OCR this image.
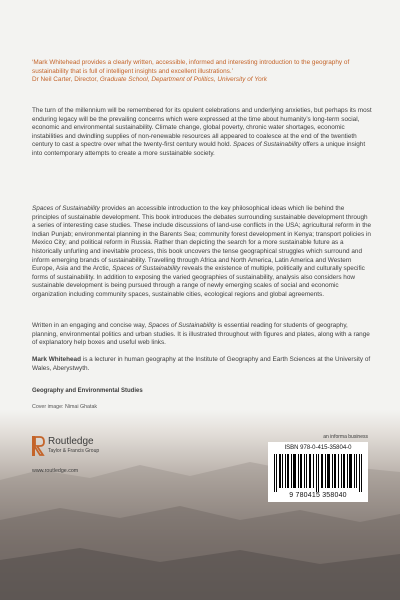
‘Mark Whitehead provides a clearly written, accessible, informed and interesting introduction to the geography of sustainability that is full of intelligent insights and excellent illustrations.’
Dr Neil Carter, Director, Graduate School, Department of Politics, University of York
The turn of the millennium will be remembered for its opulent celebrations and underlying anxieties, but perhaps its most enduring legacy will be the prevailing concerns which were expressed at the time about humanity’s long-term social, economic and environmental sustainability. Climate change, global poverty, chronic water shortages, economic instabilities and dwindling supplies of non-renewable resources all appeared to coalesce at the end of the twentieth century to cast a spectre over what the twenty-first century would hold. Spaces of Sustainability offers a unique insight into contemporary attempts to create a more sustainable society.
Spaces of Sustainability provides an accessible introduction to the key philosophical ideas which lie behind the principles of sustainable development. This book introduces the debates surrounding sustainable development through a series of interesting case studies. These include discussions of land-use conflicts in the USA; agricultural reform in the Indian Punjab; environmental planning in the Barents Sea; community forest development in Kenya; transport policies in Mexico City; and political reform in Russia. Rather than depicting the search for a more sustainable future as a historically unfurling and inevitable process, this book uncovers the tense geographical struggles which surround and inform emerging brands of sustainability. Travelling through Africa and North America, Latin America and Western Europe, Asia and the Arctic, Spaces of Sustainability reveals the existence of multiple, politically and culturally specific forms of sustainability. In addition to exposing the varied geographies of sustainability, analysis also considers how sustainable development is being pursued through a range of newly emerging scales of social and economic organization including community spaces, sustainable cities, ecological regions and global agreements.
Written in an engaging and concise way, Spaces of Sustainability is essential reading for students of geography, planning, environmental politics and urban studies. It is illustrated throughout with figures and plates, along with a range of explanatory help boxes and useful web links.
Mark Whitehead is a lecturer in human geography at the Institute of Geography and Earth Sciences at the University of Wales, Aberystwyth.
Geography and Environmental Studies
Cover image: Nimai Ghatak
Routledge
Taylor & Francis Group
www.routledge.com
an informa business
ISBN 978-0-415-35804-0
9 780415 358040
